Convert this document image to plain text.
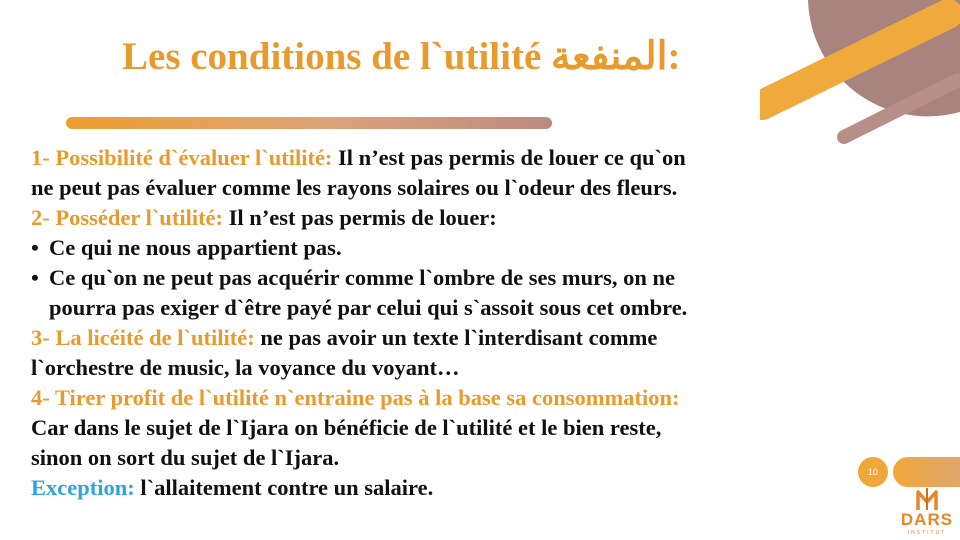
Les conditions de l`utilité المنفعة:
1- Possibilité d`évaluer l`utilité: Il n’est pas permis de louer ce qu`on
ne peut pas évaluer comme les rayons solaires ou l`odeur des fleurs.
2- Posséder l`utilité: Il n’est pas permis de louer:
• Ce qui ne nous appartient pas.
• Ce qu`on ne peut pas acquérir comme l`ombre de ses murs, on ne
pourra pas exiger d`être payé par celui qui s`assoit sous cet ombre.
3- La licéité de l`utilité: ne pas avoir un texte l`interdisant comme
l`orchestre de music, la voyance du voyant…
4- Tirer profit de l`utilité n`entraine pas à la base sa consommation:
Car dans le sujet de l`Ijara on bénéficie de l`utilité et le bien reste,
sinon on sort du sujet de l`Ijara.
Exception: l`allaitement contre un salaire.
10
DARS
INSTITUT
